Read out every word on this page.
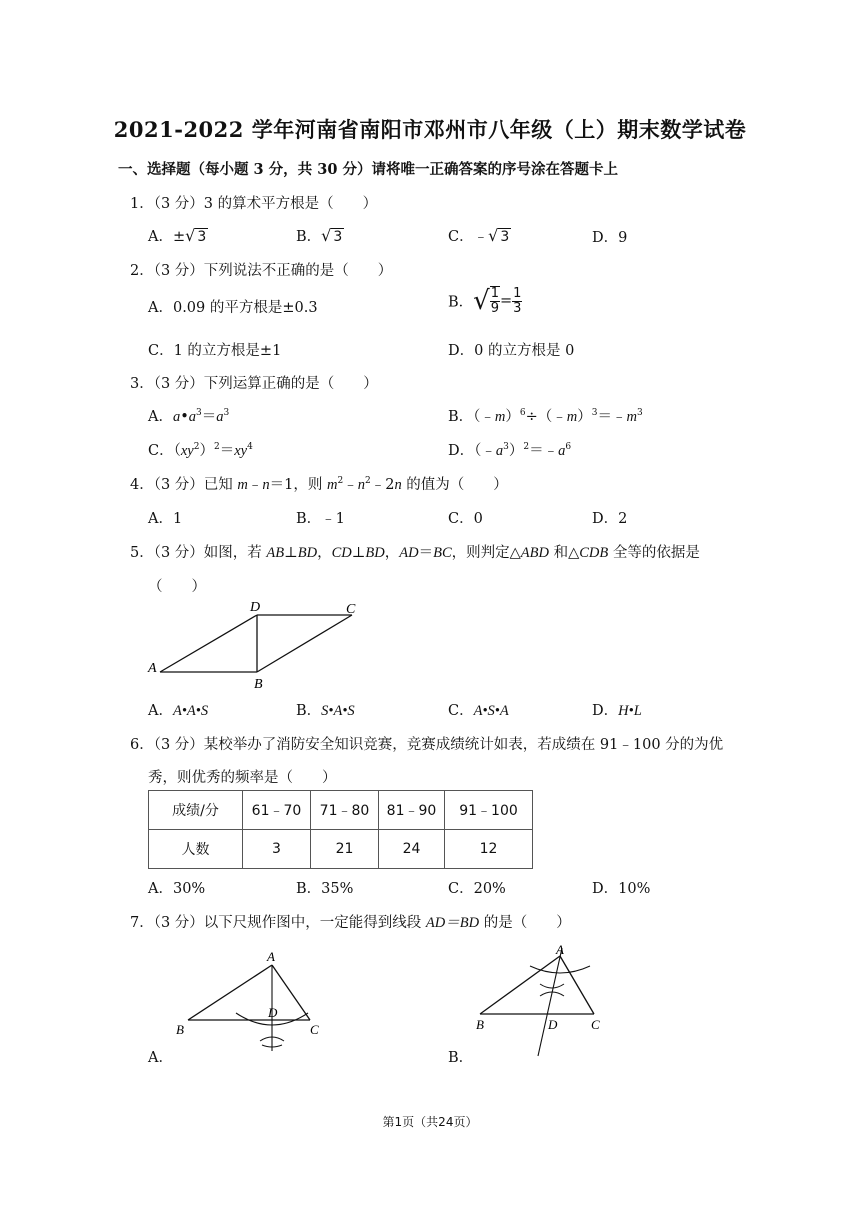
2021-2022 学年河南省南阳市邓州市八年级（上）期末数学试卷
一、选择题（每小题 3 分，共 30 分）请将唯一正确答案的序号涂在答题卡上
1．（3 分）3 的算术平方根是（　　）
A．±√ 3	B．√ 3	C．﹣√ 3	D．9
2．（3 分）下列说法不正确的是（　　）
A．0.09 的平方根是±0.3	B．√ $\frac{1}{9} = \frac{1}{3}$
C．1 的立方根是±1	D．0 的立方根是 0
3．（3 分）下列运算正确的是（　　）
A．$a•a^3=a^3$	B．$(﹣m)^6\div(﹣m)^3=﹣m^3$
C．$(xy^2)^2=xy^4$	D．$(﹣a^3)^2=﹣a^6$
4．（3 分）已知 m﹣n＝1，则 $m^2﹣n^2﹣2n$ 的值为（　　）
A．1	B．﹣1	C．0	D．2
5．（3 分）如图，若 AB⊥BD，CD⊥BD，AD＝BC，则判定△ABD 和△CDB 全等的依据是
（　　）
A
D	C
B
A．A•A•S	B．S•A•S	C．A•S•A	D．H•L
6．（3 分）某校举办了消防安全知识竞赛，竞赛成绩统计如表，若成绩在 91﹣100 分的为优
秀，则优秀的频率是（　　）
成绩/分	61﹣70	71﹣80	81﹣90	91﹣100
人数	3	21	24	12
A．30%	B．35%	C．20%	D．10%
7．（3 分）以下尺规作图中，一定能得到线段 AD＝BD 的是（　　）
A
B	C
D
A
B	C
D
A．	B．
第1页（共24页）
